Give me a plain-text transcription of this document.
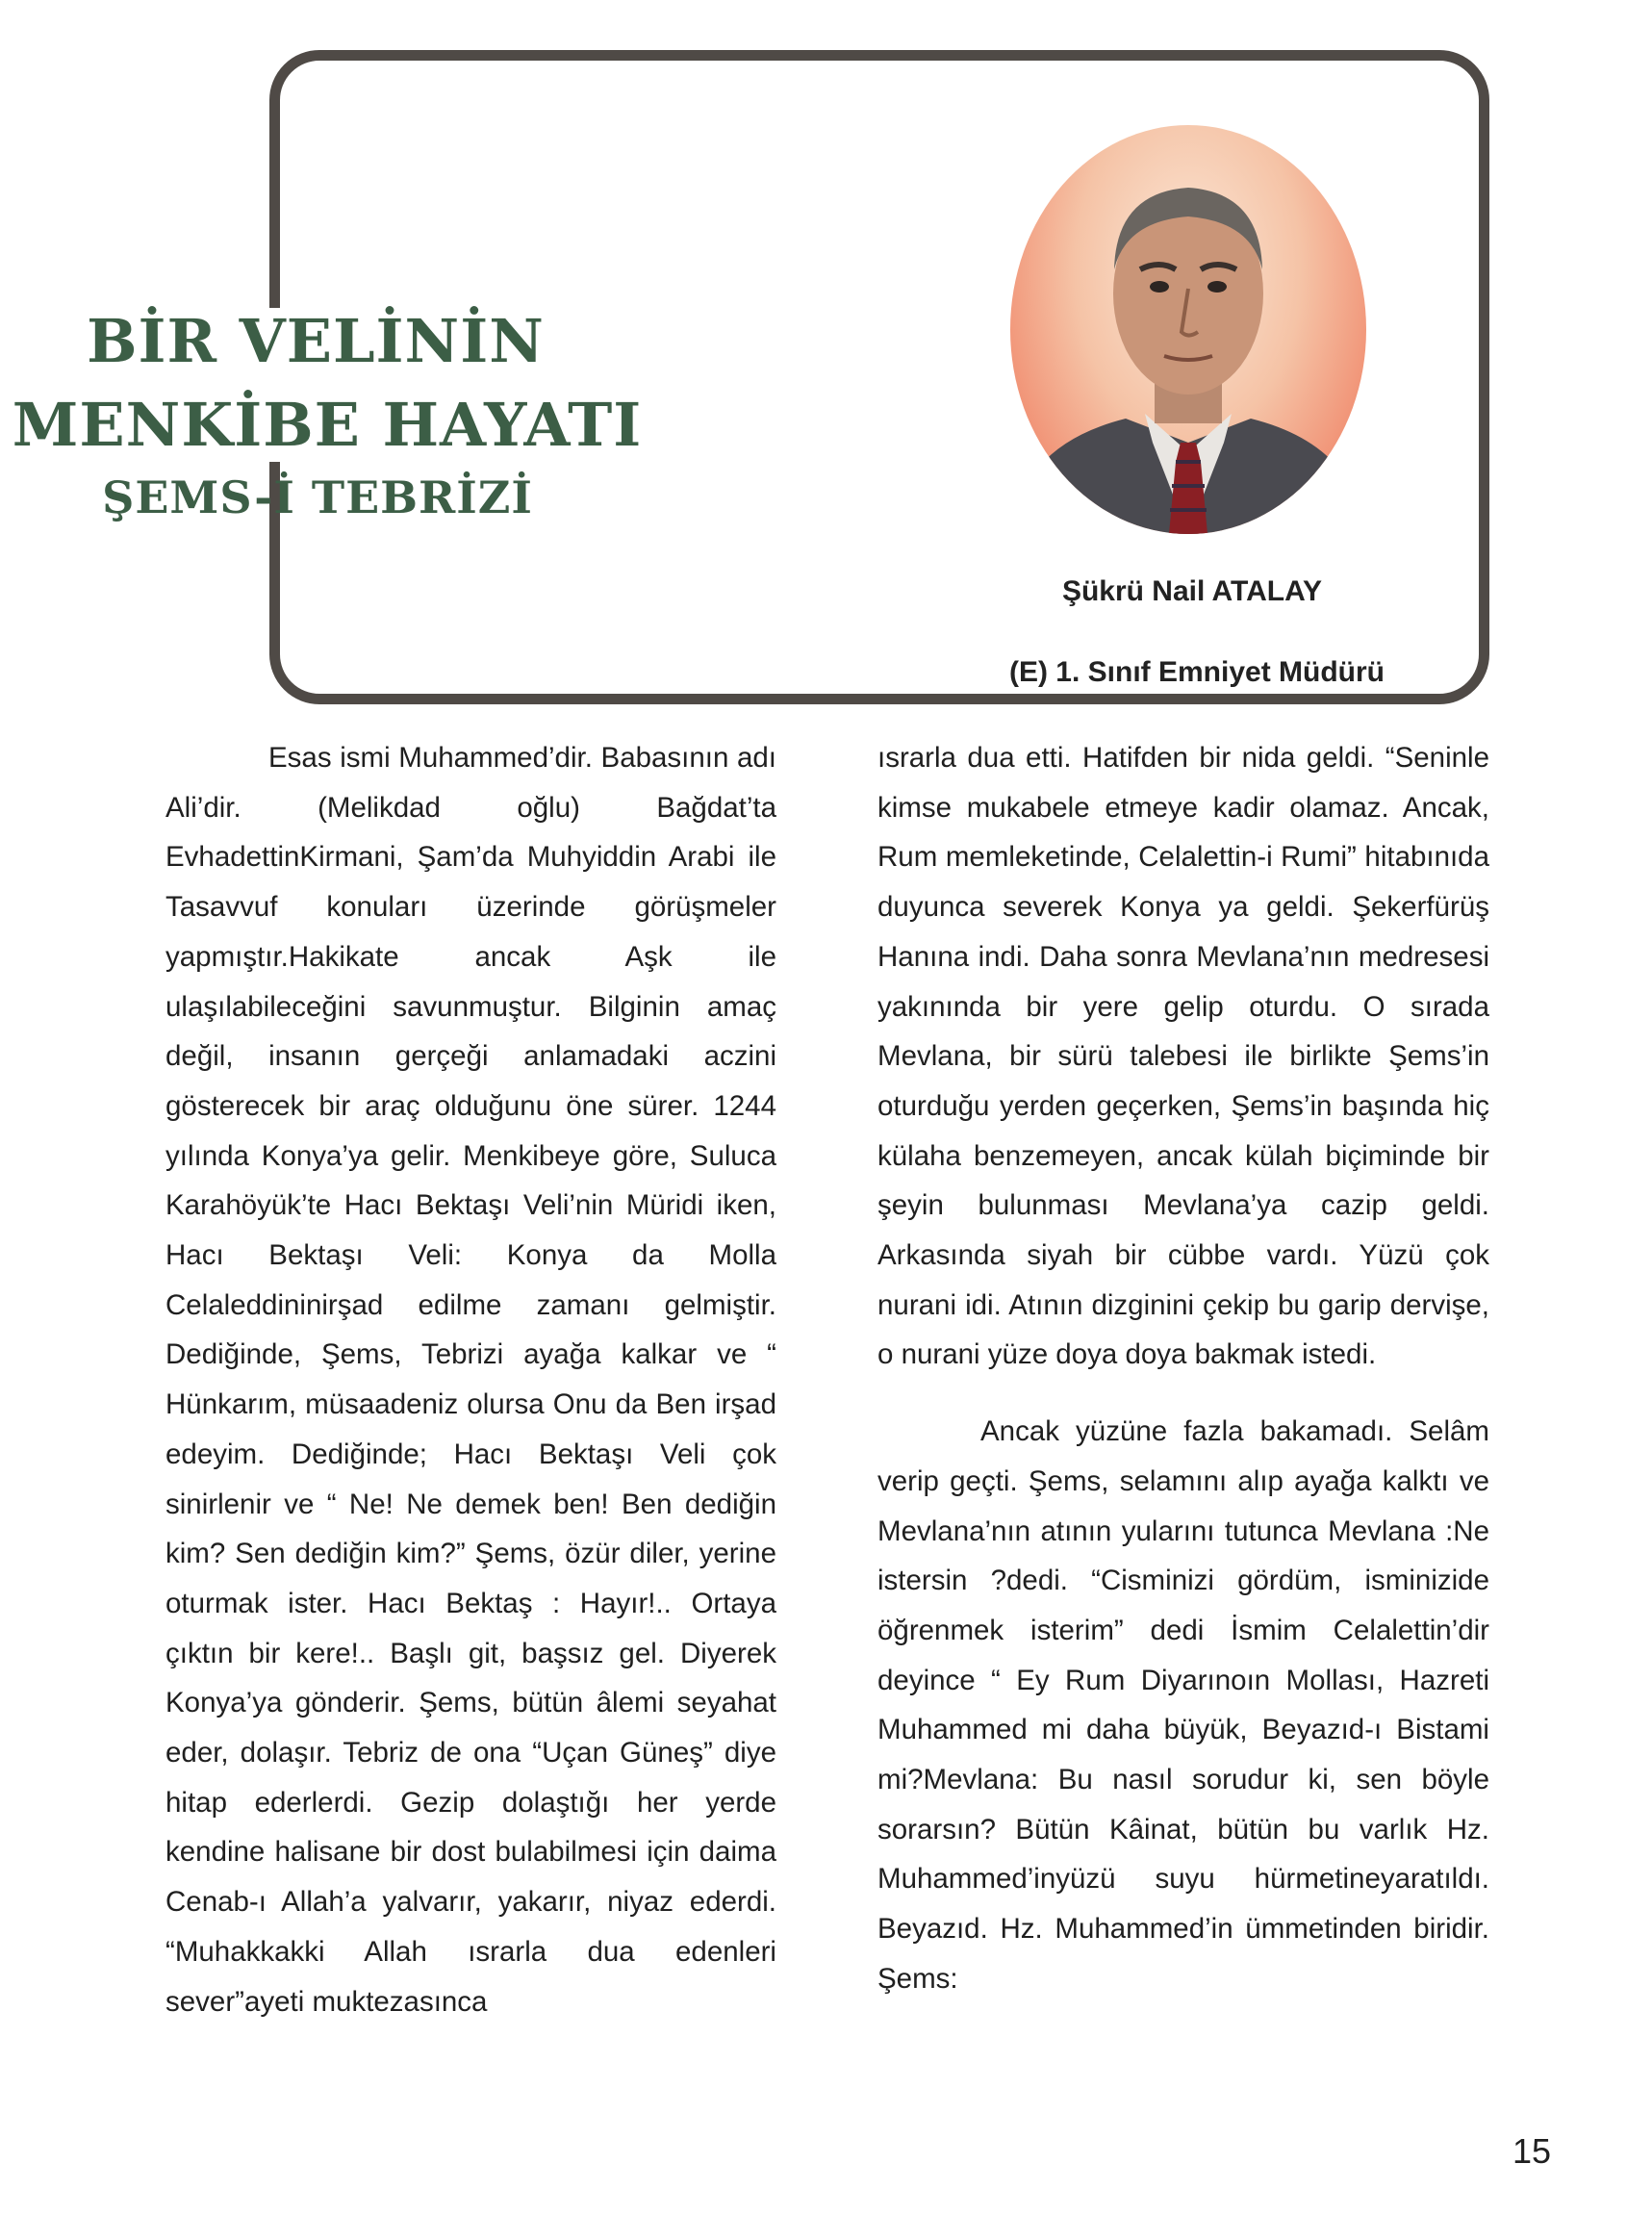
BİR VELİNİN
MENKİBE HAYATI
ŞEMS-İ TEBRİZİ
Şükrü Nail ATALAY
(E) 1. Sınıf Emniyet Müdürü

Esas ismi Muhammed’dir. Babasının adı Ali’dir. (Melikdad oğlu) Bağdat’ta EvhadettinKirmani, Şam’da Muhyiddin Arabi ile Tasavvuf konuları üzerinde görüşmeler yapmıştır.Hakikate ancak Aşk ile ulaşılabileceğini savunmuştur. Bilginin amaç değil, insanın gerçeği anlamadaki aczini gösterecek bir araç olduğunu öne sürer. 1244 yılında Konya’ya gelir. Menkibeye göre, Suluca Karahöyük’te Hacı Bektaşı Veli’nin Müridi iken, Hacı Bektaşı Veli: Konya da Molla Celaleddininirşad edilme zamanı gelmiştir. Dediğinde, Şems, Tebrizi ayağa kalkar ve “ Hünkarım, müsaadeniz olursa Onu da Ben irşad edeyim. Dediğinde; Hacı Bektaşı Veli çok sinirlenir ve “ Ne! Ne demek ben! Ben dediğin kim? Sen dediğin kim?” Şems, özür diler, yerine oturmak ister. Hacı Bektaş : Hayır!.. Ortaya çıktın bir kere!.. Başlı git, başsız gel. Diyerek Konya’ya gönderir. Şems, bütün âlemi seyahat eder, dolaşır. Tebriz de ona “Uçan Güneş” diye hitap ederlerdi. Gezip dolaştığı her yerde kendine halisane bir dost bulabilmesi için daima Cenab-ı Allah’a yalvarır, yakarır, niyaz ederdi. “Muhakkakki Allah ısrarla dua edenleri sever”ayeti muktezasınca

ısrarla dua etti. Hatifden bir nida geldi. “Seninle kimse mukabele etmeye kadir olamaz. Ancak, Rum memleketinde, Celalettin-i Rumi” hitabınıda duyunca severek Konya ya geldi. Şekerfürüş Hanına indi. Daha sonra Mevlana’nın medresesi yakınında bir yere gelip oturdu. O sırada Mevlana, bir sürü talebesi ile birlikte Şems’in oturduğu yerden geçerken, Şems’in başında hiç külaha benzemeyen, ancak külah biçiminde bir şeyin bulunması Mevlana’ya cazip geldi. Arkasında siyah bir cübbe vardı. Yüzü çok nurani idi. Atının dizginini çekip bu garip dervişe, o nurani yüze doya doya bakmak istedi.

Ancak yüzüne fazla bakamadı. Selâm verip geçti. Şems, selamını alıp ayağa kalktı ve Mevlana’nın atının yularını tutunca Mevlana :Ne istersin ?dedi. “Cisminizi gördüm, isminizide öğrenmek isterim” dedi İsmim Celalettin’dir deyince “ Ey Rum Diyarınoın Mollası, Hazreti Muhammed mi daha büyük, Beyazıd-ı Bistami mi?Mevlana: Bu nasıl sorudur ki, sen böyle sorarsın? Bütün Kâinat, bütün bu varlık Hz. Muhammed’inyüzü suyu hürmetineyaratıldı. Beyazıd. Hz. Muhammed’in ümmetinden biridir. Şems:

15
